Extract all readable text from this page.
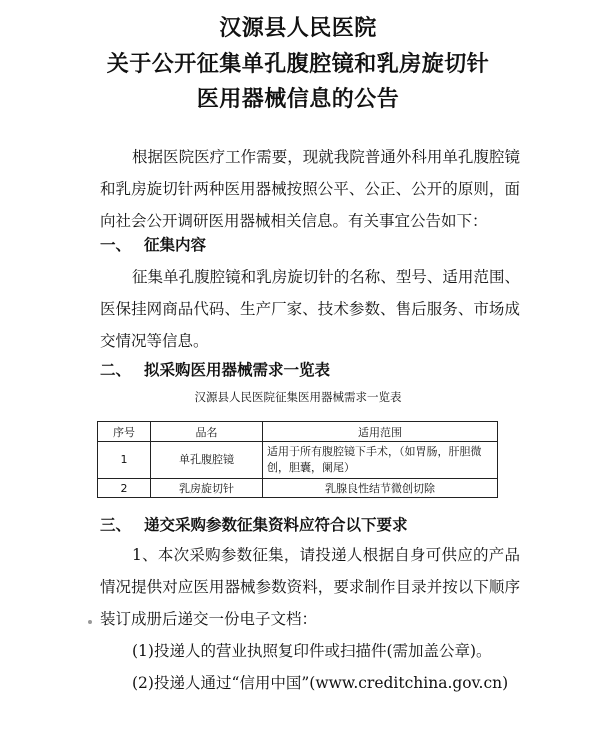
汉源县人民医院
关于公开征集单孔腹腔镜和乳房旋切针
医用器械信息的公告

根据医院医疗工作需要，现就我院普通外科用单孔腹腔镜和乳房旋切针两种医用器械按照公平、公正、公开的原则，面向社会公开调研医用器械相关信息。有关事宜公告如下：

一、 征集内容

征集单孔腹腔镜和乳房旋切针的名称、型号、适用范围、医保挂网商品代码、生产厂家、技术参数、售后服务、市场成交情况等信息。

二、 拟采购医用器械需求一览表
汉源县人民医院征集医用器械需求一览表
序号	品名	适用范围
1	单孔腹腔镜	适用于所有腹腔镜下手术，（如胃肠，肝胆微创，胆囊，阑尾）
2	乳房旋切针	乳腺良性结节微创切除
三、 递交采购参数征集资料应符合以下要求

1、本次采购参数征集，请投递人根据自身可供应的产品情况提供对应医用器械参数资料，要求制作目录并按以下顺序装订成册后递交一份电子文档：

(1)投递人的营业执照复印件或扫描件(需加盖公章)。

(2)投递人通过“信用中国”(www.creditchina.gov.cn)
